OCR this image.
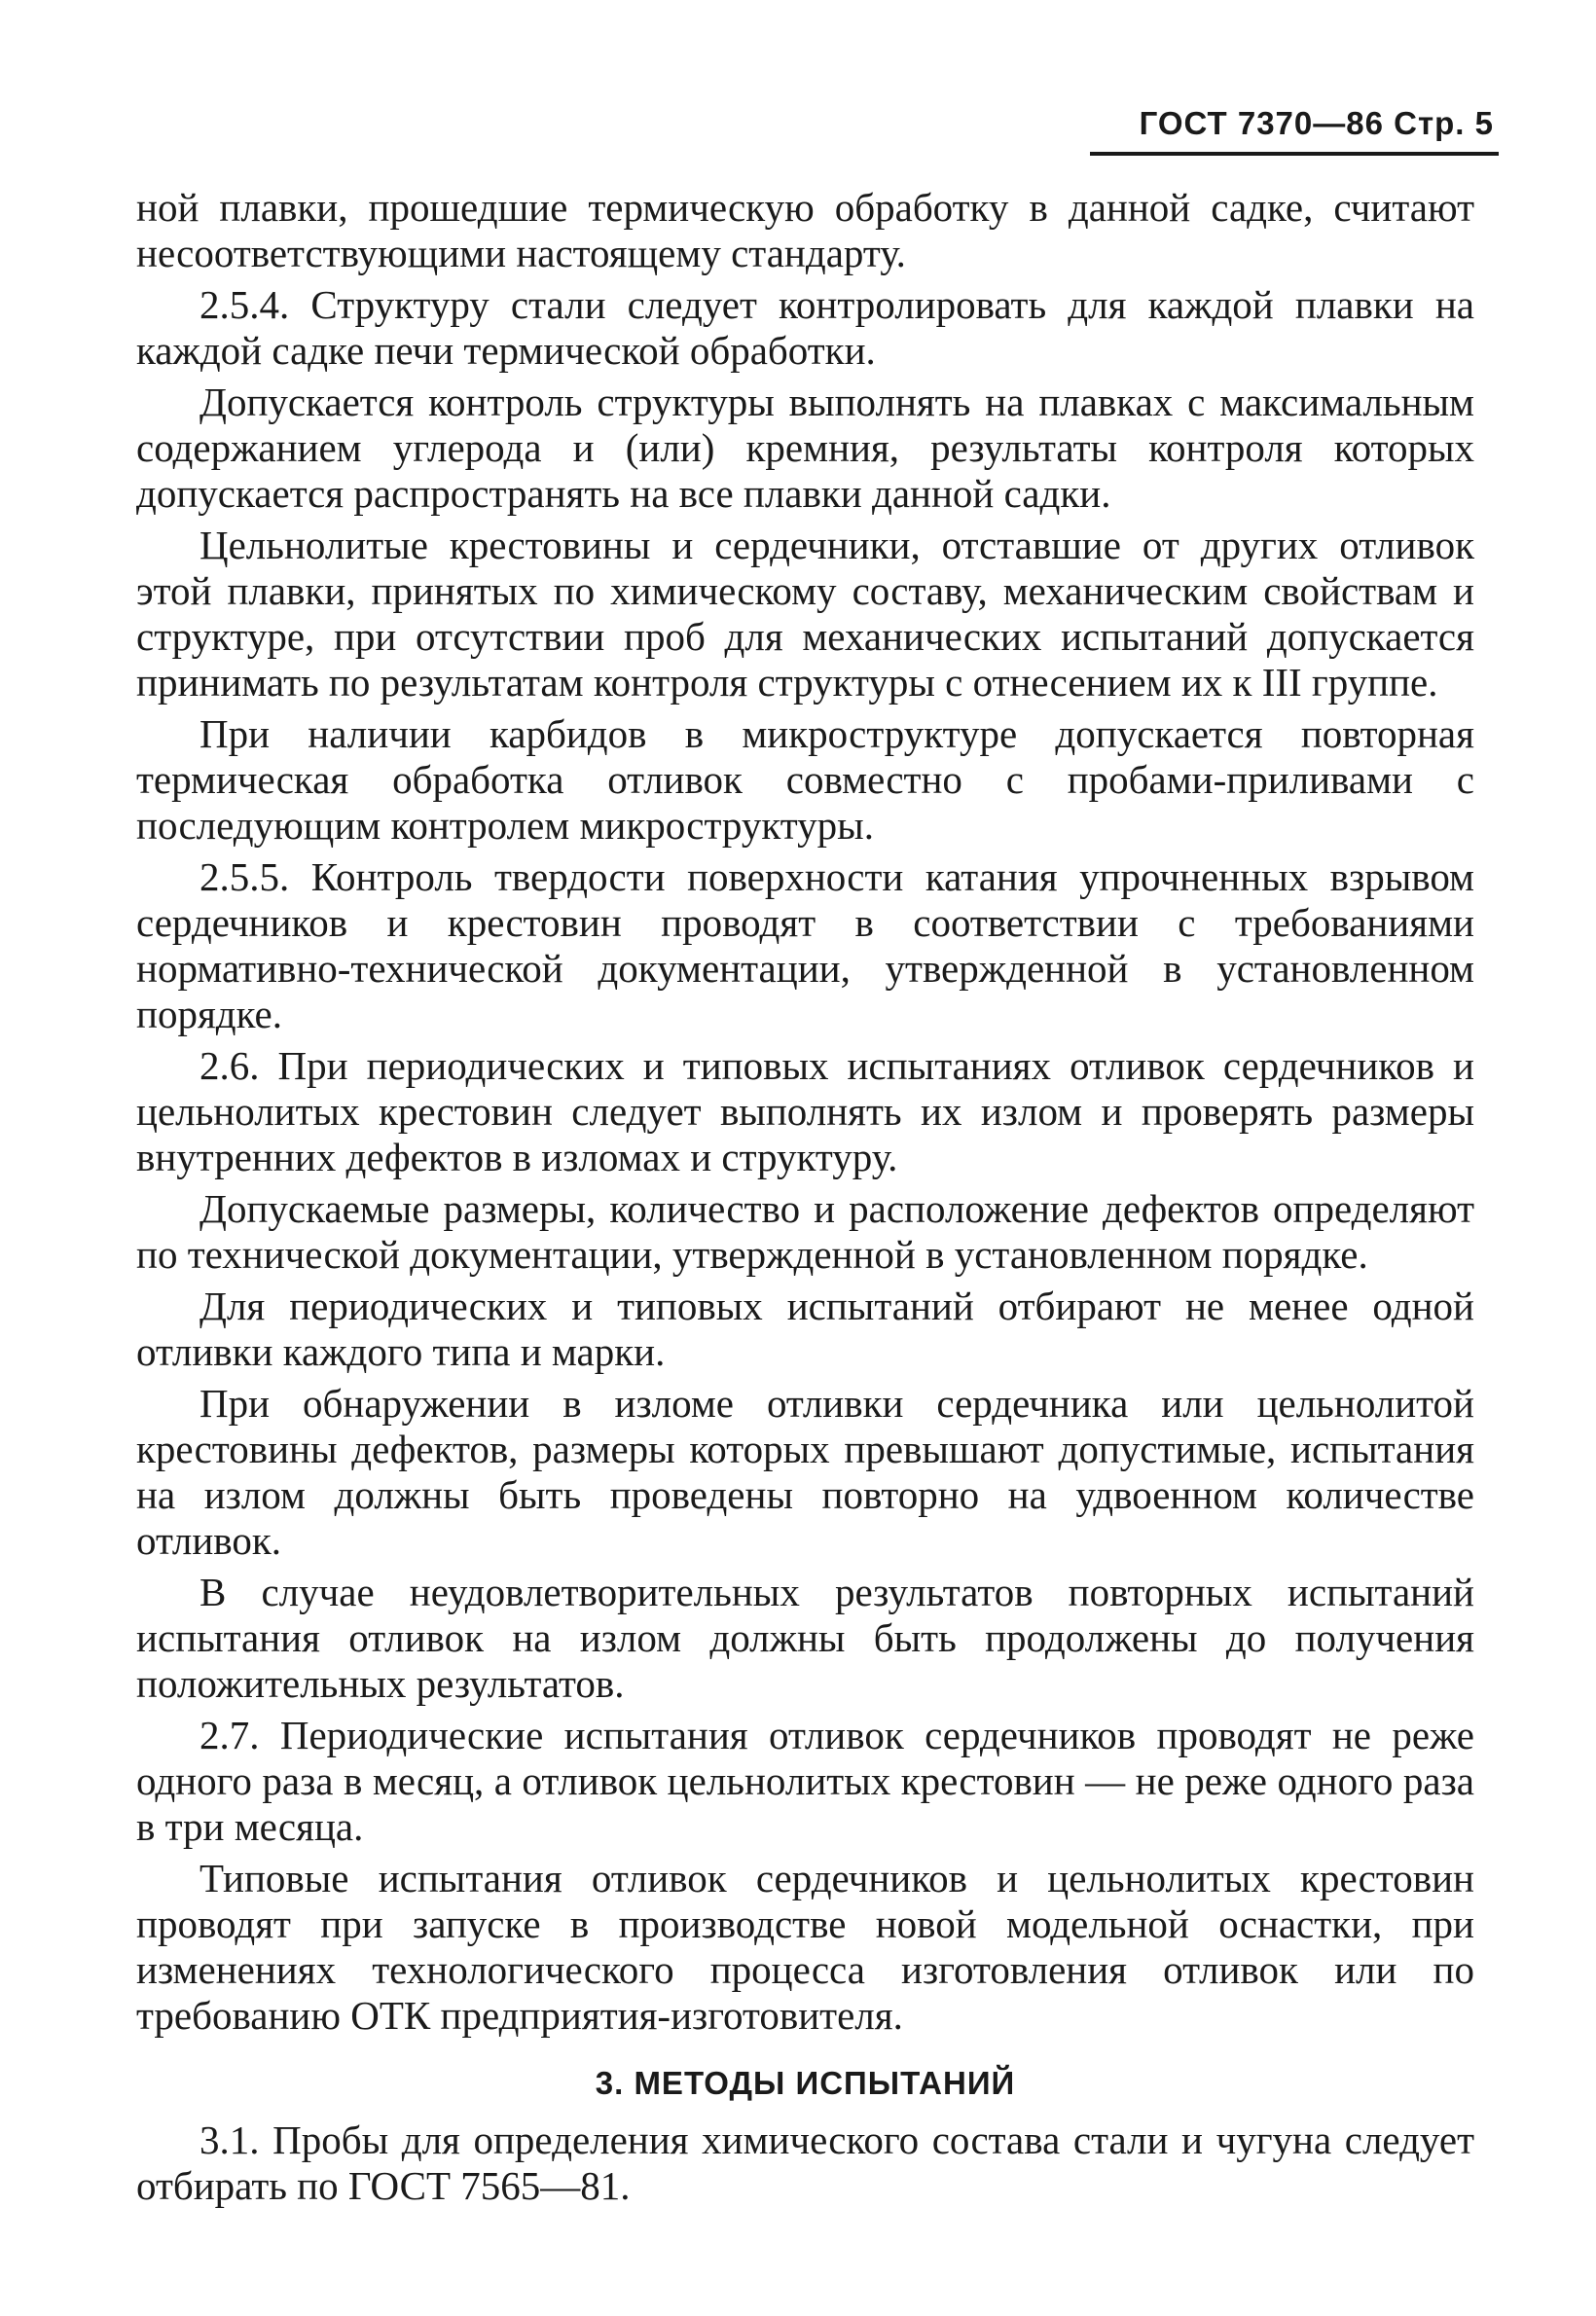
ГОСТ 7370—86 Стр. 5

ной плавки, прошедшие термическую обработку в данной садке, считают несоответствующими настоящему стандарту.

2.5.4. Структуру стали следует контролировать для каждой плавки на каждой садке печи термической обработки.

Допускается контроль структуры выполнять на плавках с максимальным содержанием углерода и (или) кремния, результаты контроля которых допускается распространять на все плавки данной садки.

Цельнолитые крестовины и сердечники, отставшие от других отливок этой плавки, принятых по химическому составу, механическим свойствам и структуре, при отсутствии проб для механических испытаний допускается принимать по результатам контроля структуры с отнесением их к III группе.

При наличии карбидов в микроструктуре допускается повторная термическая обработка отливок совместно с пробами-приливами с последующим контролем микроструктуры.

2.5.5. Контроль твердости поверхности катания упрочненных взрывом сердечников и крестовин проводят в соответствии с требованиями нормативно-технической документации, утвержденной в установленном порядке.

2.6. При периодических и типовых испытаниях отливок сердечников и цельнолитых крестовин следует выполнять их излом и проверять размеры внутренних дефектов в изломах и структуру.

Допускаемые размеры, количество и расположение дефектов определяют по технической документации, утвержденной в установленном порядке.

Для периодических и типовых испытаний отбирают не менее одной отливки каждого типа и марки.

При обнаружении в изломе отливки сердечника или цельнолитой крестовины дефектов, размеры которых превышают допустимые, испытания на излом должны быть проведены повторно на удвоенном количестве отливок.

В случае неудовлетворительных результатов повторных испытаний испытания отливок на излом должны быть продолжены до получения положительных результатов.

2.7. Периодические испытания отливок сердечников проводят не реже одного раза в месяц, а отливок цельнолитых крестовин — не реже одного раза в три месяца.

Типовые испытания отливок сердечников и цельнолитых крестовин проводят при запуске в производстве новой модельной оснастки, при изменениях технологического процесса изготовления отливок или по требованию ОТК предприятия-изготовителя.

3. МЕТОДЫ ИСПЫТАНИЙ

3.1. Пробы для определения химического состава стали и чугуна следует отбирать по ГОСТ 7565—81.
